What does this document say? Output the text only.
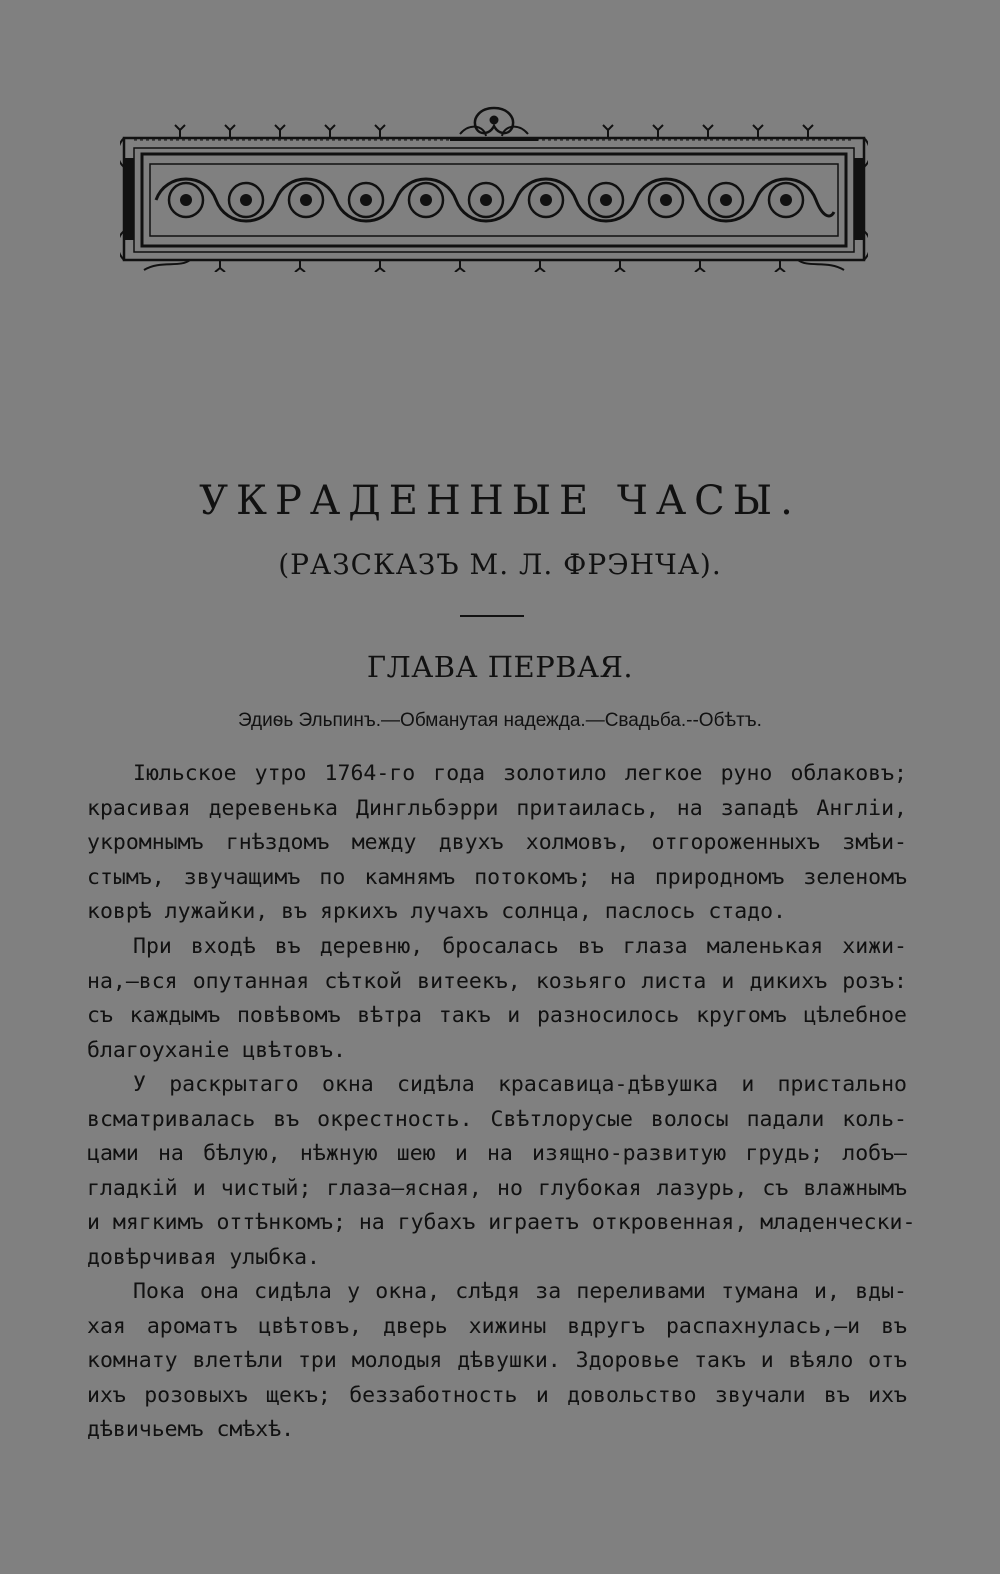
УКРАДЕННЫЕ ЧАСЫ.
(РАЗСКАЗЪ М. Л. ФРЭНЧА).
ГЛАВА ПЕРВАЯ.
Эдиѳь Эльпинъ.—Обманутая надежда.—Свадьба.--Обѣтъ.
Іюльское утро 1764-го года золотило легкое руно облаковъ;
красивая деревенька Дингльбэрри притаилась, на западѣ Англіи,
укромнымъ гнѣздомъ между двухъ холмовъ, отгороженныхъ змѣи-
стымъ, звучащимъ по камнямъ потокомъ; на природномъ зеленомъ
коврѣ лужайки, въ яркихъ лучахъ солнца, паслось стадо.
При входѣ въ деревню, бросалась въ глаза маленькая хижи-
на,—вся опутанная сѣткой витеекъ, козьяго листа и дикихъ розъ:
съ каждымъ повѣвомъ вѣтра такъ и разносилось кругомъ цѣлебное
благоуханіе цвѣтовъ.
У раскрытаго окна сидѣла красавица-дѣвушка и пристально
всматривалась въ окрестность. Свѣтлорусые волосы падали коль-
цами на бѣлую, нѣжную шею и на изящно-развитую грудь; лобъ—
гладкій и чистый; глаза—ясная, но глубокая лазурь, съ влажнымъ
и мягкимъ оттѣнкомъ; на губахъ играетъ откровенная, младенчески-
довѣрчивая улыбка.
Пока она сидѣла у окна, слѣдя за переливами тумана и, вды-
хая ароматъ цвѣтовъ, дверь хижины вдругъ распахнулась,—и въ
комнату влетѣли три молодыя дѣвушки. Здоровье такъ и вѣяло отъ
ихъ розовыхъ щекъ; беззаботность и довольство звучали въ ихъ
дѣвичьемъ смѣхѣ.
